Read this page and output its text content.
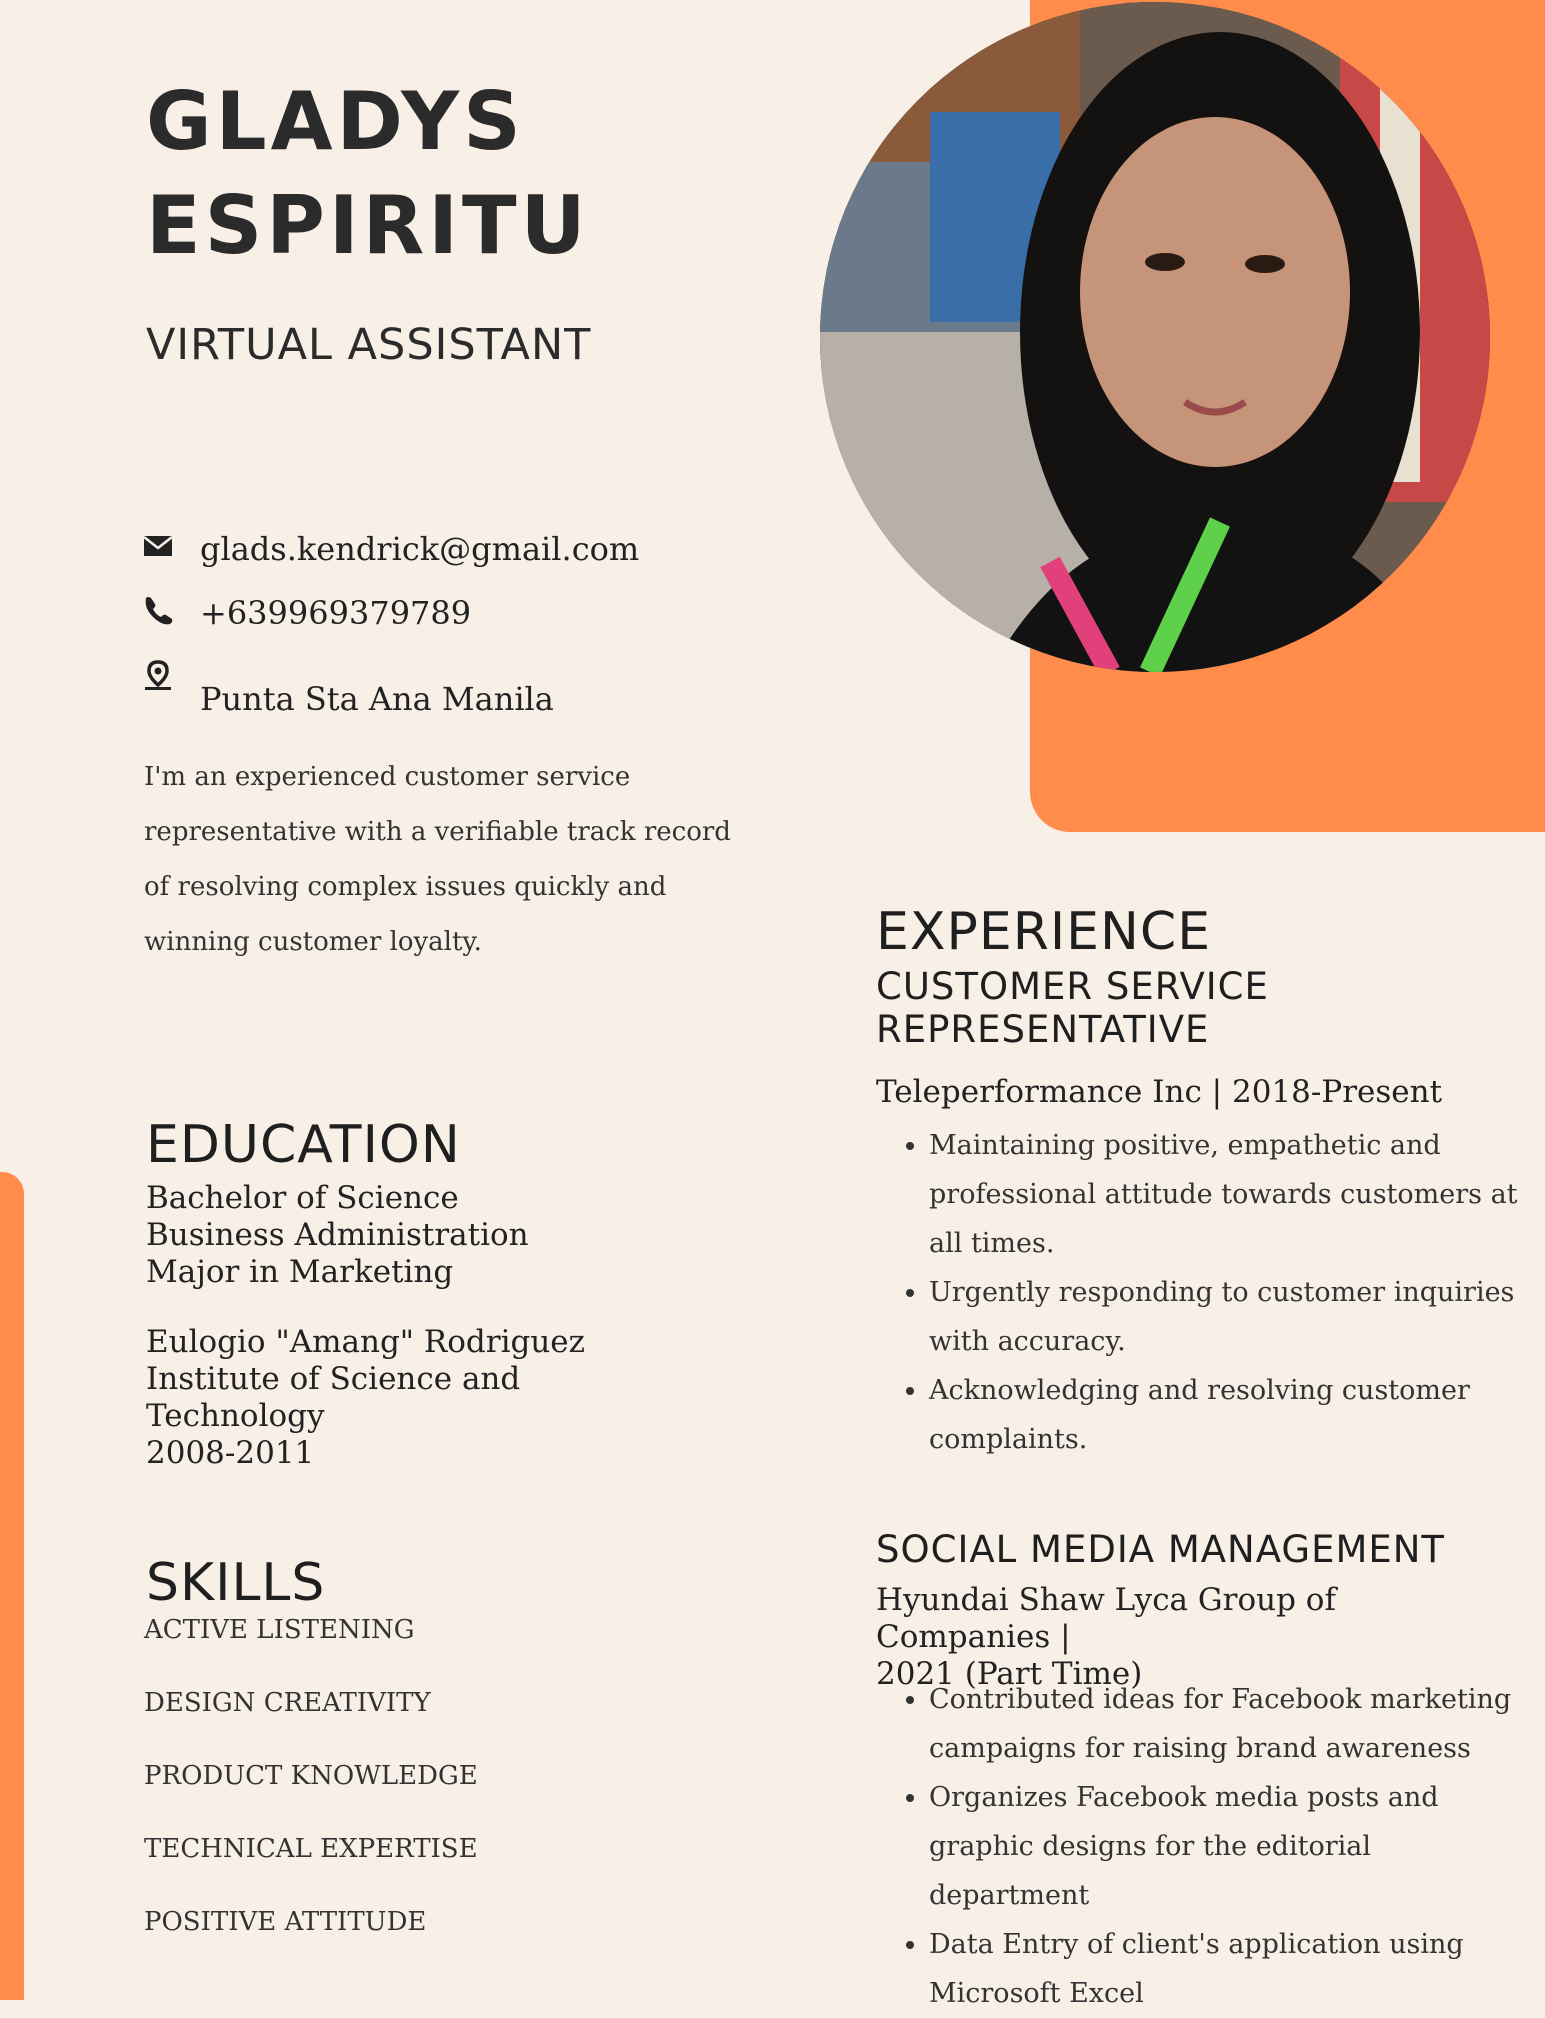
GLADYS
ESPIRITU
VIRTUAL ASSISTANT
glads.kendrick@gmail.com
+639969379789
Punta Sta Ana Manila

I'm an experienced customer service representative with a verifiable track record of resolving complex issues quickly and winning customer loyalty.

EDUCATION
Bachelor of Science
Business Administration
Major in Marketing
Eulogio "Amang" Rodriguez
Institute of Science and
Technology
2008-2011
SKILLS
ACTIVE LISTENING
DESIGN CREATIVITY
PRODUCT KNOWLEDGE
TECHNICAL EXPERTISE
POSITIVE ATTITUDE
EXPERIENCE
CUSTOMER SERVICE
REPRESENTATIVE
Teleperformance Inc | 2018-Present
• Maintaining positive, empathetic and professional attitude towards customers at all times.
• Urgently responding to customer inquiries with accuracy.
• Acknowledging and resolving customer complaints.
SOCIAL MEDIA MANAGEMENT
Hyundai Shaw Lyca Group of Companies |
2021 (Part Time)
• Contributed ideas for Facebook marketing campaigns for raising brand awareness
• Organizes Facebook media posts and graphic designs for the editorial department
• Data Entry of client's application using Microsoft Excel
